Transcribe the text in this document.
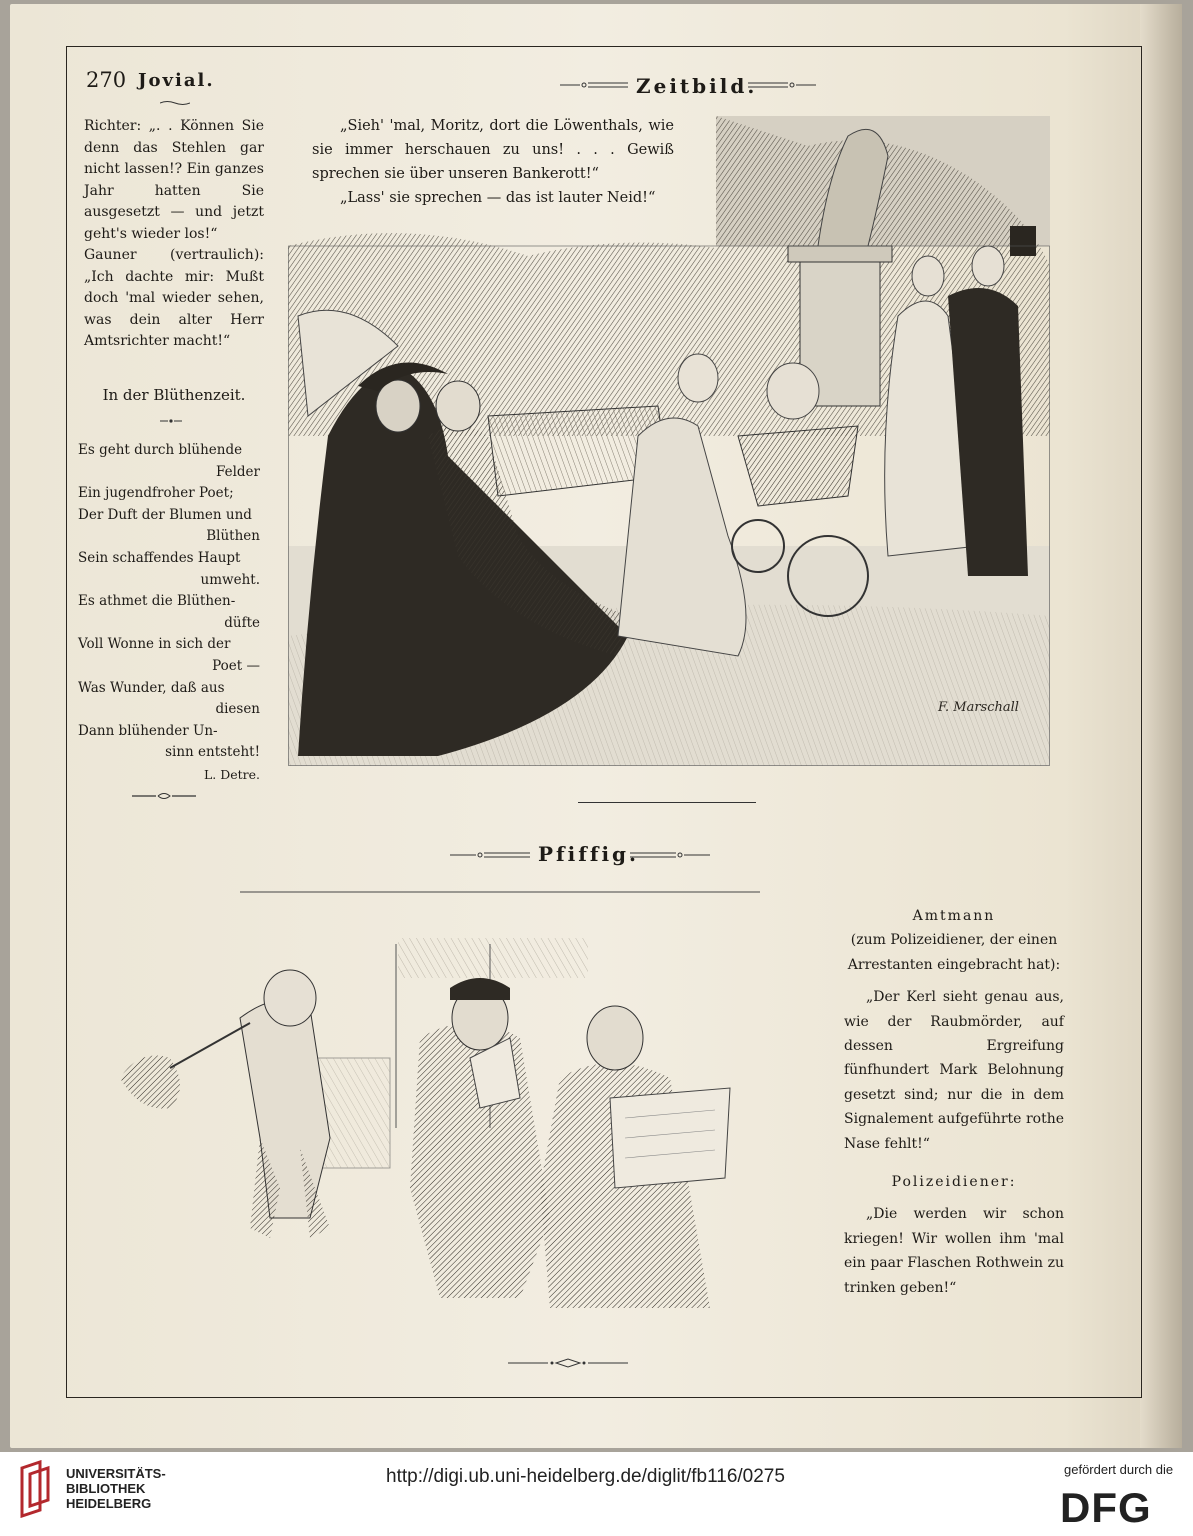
270 Jovial.

Richter: „. . Können Sie denn das Stehlen gar nicht lassen!? Ein ganzes Jahr hatten Sie ausgesetzt — und jetzt geht's wieder los!“

Gauner (vertraulich): „Ich dachte mir: Mußt doch 'mal wieder sehen, was dein alter Herr Amtsrichter macht!“

In der Blüthenzeit.
Es geht durch blühende
Felder
Ein jugendfroher Poet;
Der Duft der Blumen und
Blüthen
Sein schaffendes Haupt
umweht.
Es athmet die Blüthen-
düfte
Voll Wonne in sich der
Poet —
Was Wunder, daß aus
diesen
Dann blühender Un-
sinn entsteht!
L. Detre.
Zeitbild.

„Sieh' 'mal, Moritz, dort die Löwenthals, wie sie immer herschauen zu uns! . . . Gewiß sprechen sie über unseren Bankerott!“

„Lass' sie sprechen — das ist lauter Neid!“

F. Marschall
Pfiffig.

Amtmann

(zum Polizeidiener, der einen Arrestanten eingebracht hat):

„Der Kerl sieht genau aus, wie der Raubmörder, auf dessen Ergreifung fünfhundert Mark Belohnung gesetzt sind; nur die in dem Signalement aufgeführte rothe Nase fehlt!“

Polizeidiener:

„Die werden wir schon kriegen! Wir wollen ihm 'mal ein paar Flaschen Rothwein zu trinken geben!“

UNIVERSITÄTS-
BIBLIOTHEK
HEIDELBERG
http://digi.ub.uni-heidelberg.de/diglit/fb116/0275	gefördert durch die
DFG
